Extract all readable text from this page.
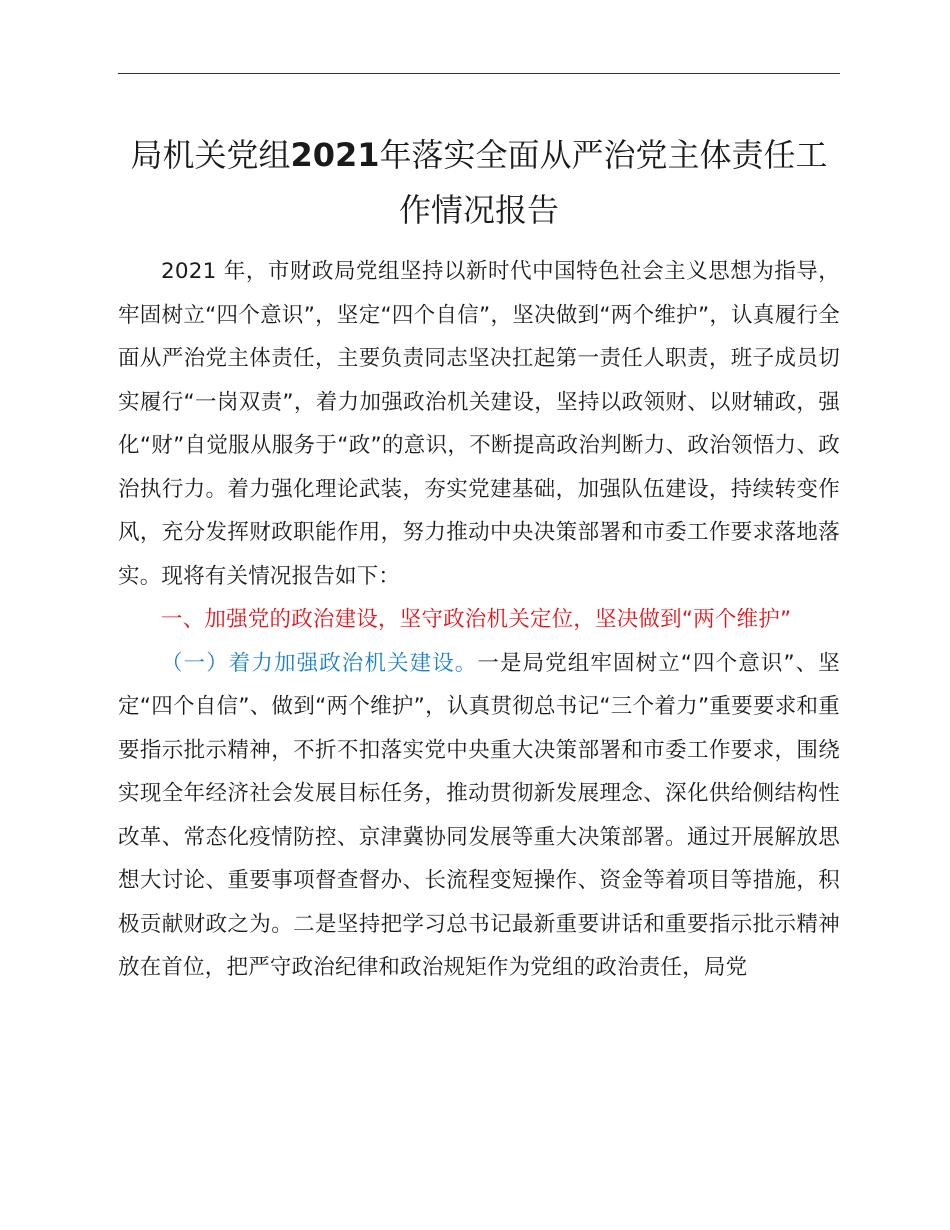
局机关党组2021年落实全面从严治党主体责任工作情况报告

2021 年，市财政局党组坚持以新时代中国特色社会主义思想为指导，牢固树立“四个意识”，坚定“四个自信”，坚决做到“两个维护”，认真履行全面从严治党主体责任，主要负责同志坚决扛起第一责任人职责，班子成员切实履行“一岗双责”，着力加强政治机关建设，坚持以政领财、以财辅政，强化“财”自觉服从服务于“政”的意识，不断提高政治判断力、政治领悟力、政治执行力。着力强化理论武装，夯实党建基础，加强队伍建设，持续转变作风，充分发挥财政职能作用，努力推动中央决策部署和市委工作要求落地落实。现将有关情况报告如下：

一、加强党的政治建设，坚守政治机关定位，坚决做到“两个维护”

（一）着力加强政治机关建设。一是局党组牢固树立“四个意识”、坚定“四个自信”、做到“两个维护”，认真贯彻总书记“三个着力”重要要求和重要指示批示精神，不折不扣落实党中央重大决策部署和市委工作要求，围绕实现全年经济社会发展目标任务，推动贯彻新发展理念、深化供给侧结构性改革、常态化疫情防控、京津冀协同发展等重大决策部署。通过开展解放思想大讨论、重要事项督查督办、长流程变短操作、资金等着项目等措施，积极贡献财政之为。二是坚持把学习总书记最新重要讲话和重要指示批示精神放在首位，把严守政治纪律和政治规矩作为党组的政治责任，局党
